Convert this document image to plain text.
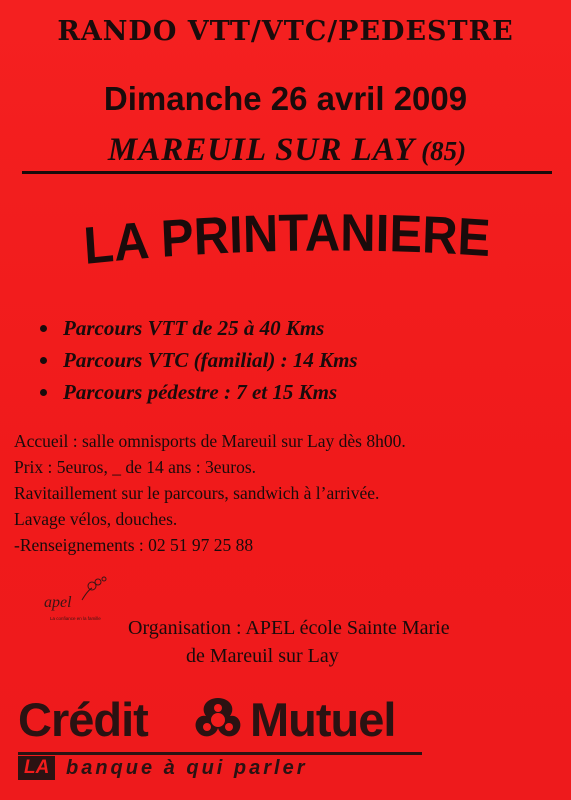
RANDO VTT/VTC/PEDESTRE
Dimanche 26 avril 2009
MAREUIL SUR LAY (85)
LA PRINTANIERE
Parcours VTT de 25 à 40 Kms
Parcours VTC (familial) : 14 Kms
Parcours pédestre : 7 et 15 Kms
Accueil : salle omnisports de Mareuil sur Lay dès 8h00.
Prix : 5euros, _ de 14 ans : 3euros.
Ravitaillement sur le parcours, sandwich à l’arrivée.
Lavage vélos, douches.
-Renseignements : 02 51 97 25 88
apel
La confiance en la famille Organisation : APEL école Sainte Marie
de Mareuil sur Lay
Crédit Mutuel
LA banque à qui parler
